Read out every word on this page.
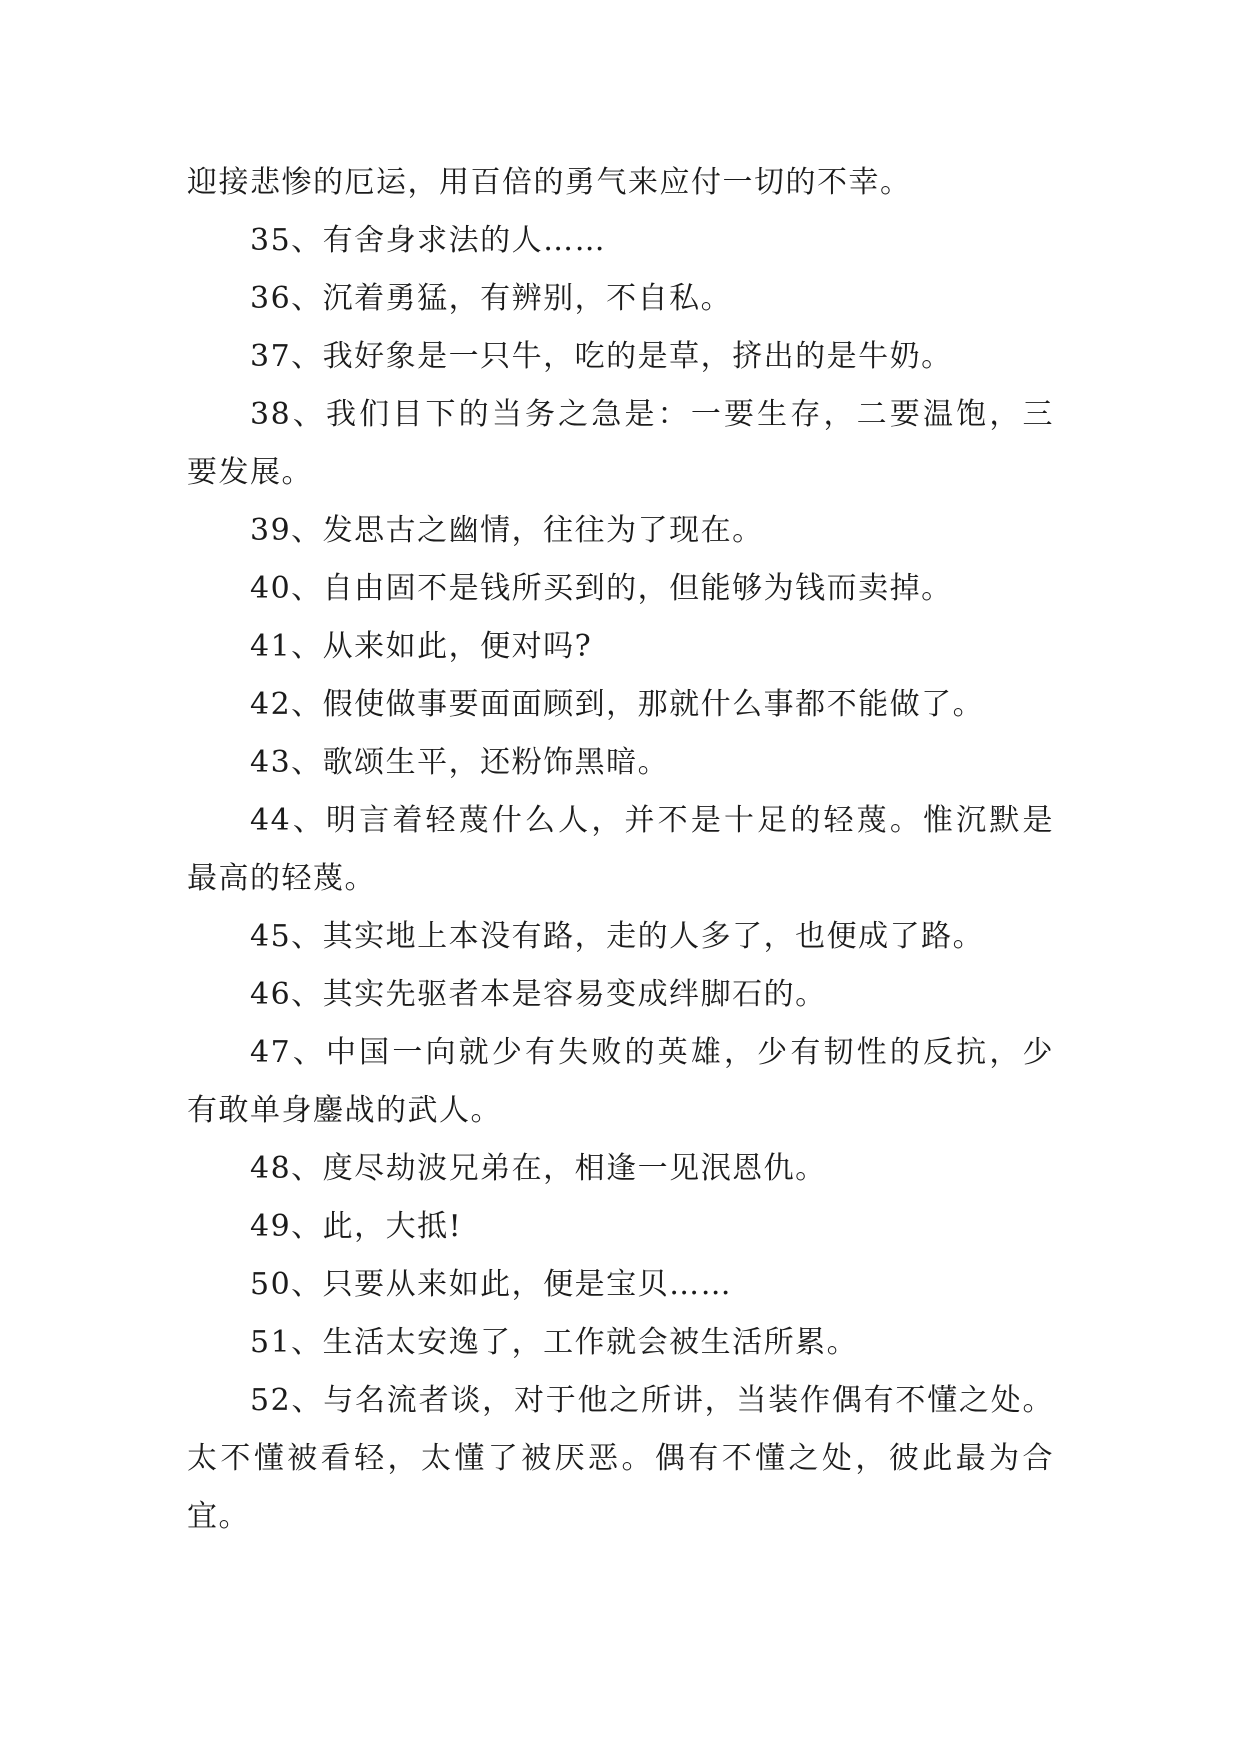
迎接悲惨的厄运，用百倍的勇气来应付一切的不幸。
35、有舍身求法的人……
36、沉着勇猛，有辨别，不自私。
37、我好象是一只牛，吃的是草，挤出的是牛奶。
38、我们目下的当务之急是：一要生存，二要温饱，三
要发展。
39、发思古之幽情，往往为了现在。
40、自由固不是钱所买到的，但能够为钱而卖掉。
41、从来如此，便对吗?
42、假使做事要面面顾到，那就什么事都不能做了。
43、歌颂生平，还粉饰黑暗。
44、明言着轻蔑什么人，并不是十足的轻蔑。惟沉默是
最高的轻蔑。
45、其实地上本没有路，走的人多了，也便成了路。
46、其实先驱者本是容易变成绊脚石的。
47、中国一向就少有失败的英雄，少有韧性的反抗，少
有敢单身鏖战的武人。
48、度尽劫波兄弟在，相逢一见泯恩仇。
49、此，大抵!
50、只要从来如此，便是宝贝……
51、生活太安逸了，工作就会被生活所累。
52、与名流者谈，对于他之所讲，当装作偶有不懂之处。
太不懂被看轻，太懂了被厌恶。偶有不懂之处，彼此最为合
宜。
